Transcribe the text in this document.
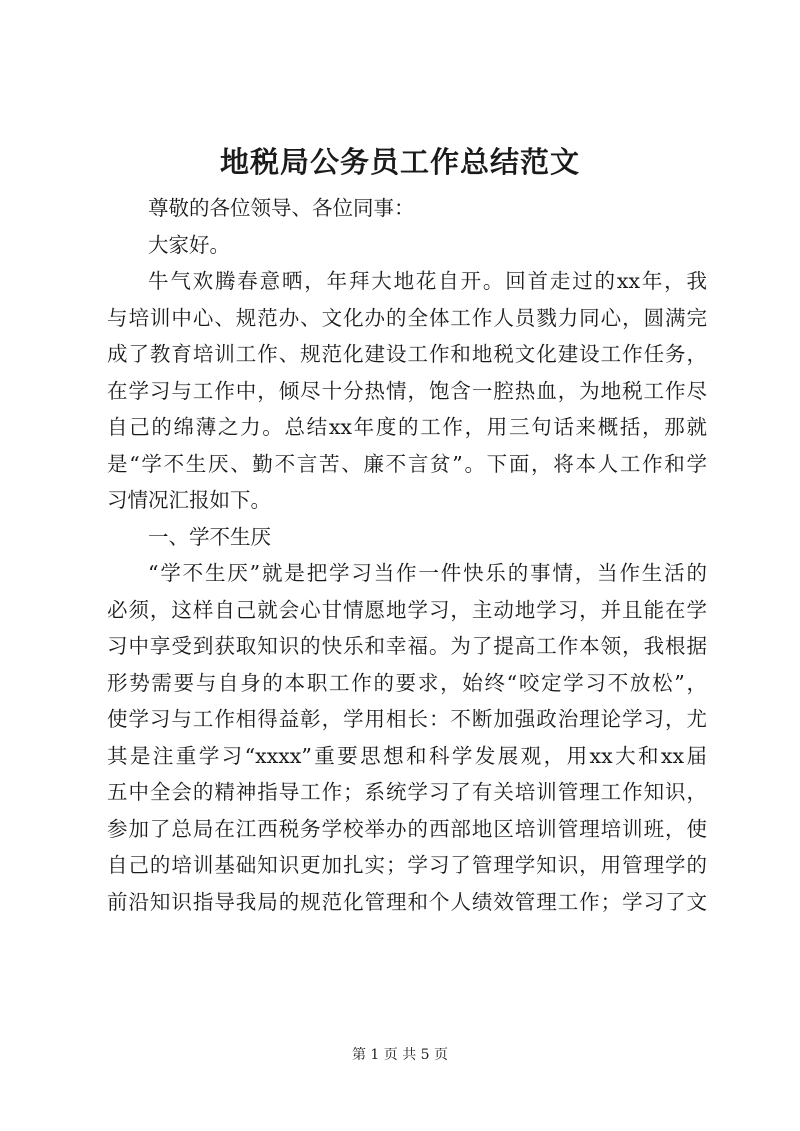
地税局公务员工作总结范文
尊敬的各位领导、各位同事：
大家好。
牛气欢腾春意晒，年拜大地花自开。回首走过的xx年，我
与培训中心、规范办、文化办的全体工作人员戮力同心，圆满完
成了教育培训工作、规范化建设工作和地税文化建设工作任务，
在学习与工作中，倾尽十分热情，饱含一腔热血，为地税工作尽
自己的绵薄之力。总结xx年度的工作，用三句话来概括，那就
是“学不生厌、勤不言苦、廉不言贫”。下面，将本人工作和学
习情况汇报如下。
一、学不生厌
“学不生厌”就是把学习当作一件快乐的事情，当作生活的
必须，这样自己就会心甘情愿地学习，主动地学习，并且能在学
习中享受到获取知识的快乐和幸福。为了提高工作本领，我根据
形势需要与自身的本职工作的要求，始终“咬定学习不放松”，
使学习与工作相得益彰，学用相长：不断加强政治理论学习，尤
其是注重学习“xxxx”重要思想和科学发展观，用xx大和xx届
五中全会的精神指导工作；系统学习了有关培训管理工作知识，
参加了总局在江西税务学校举办的西部地区培训管理培训班，使
自己的培训基础知识更加扎实；学习了管理学知识，用管理学的
前沿知识指导我局的规范化管理和个人绩效管理工作；学习了文
第 1 页 共 5 页
